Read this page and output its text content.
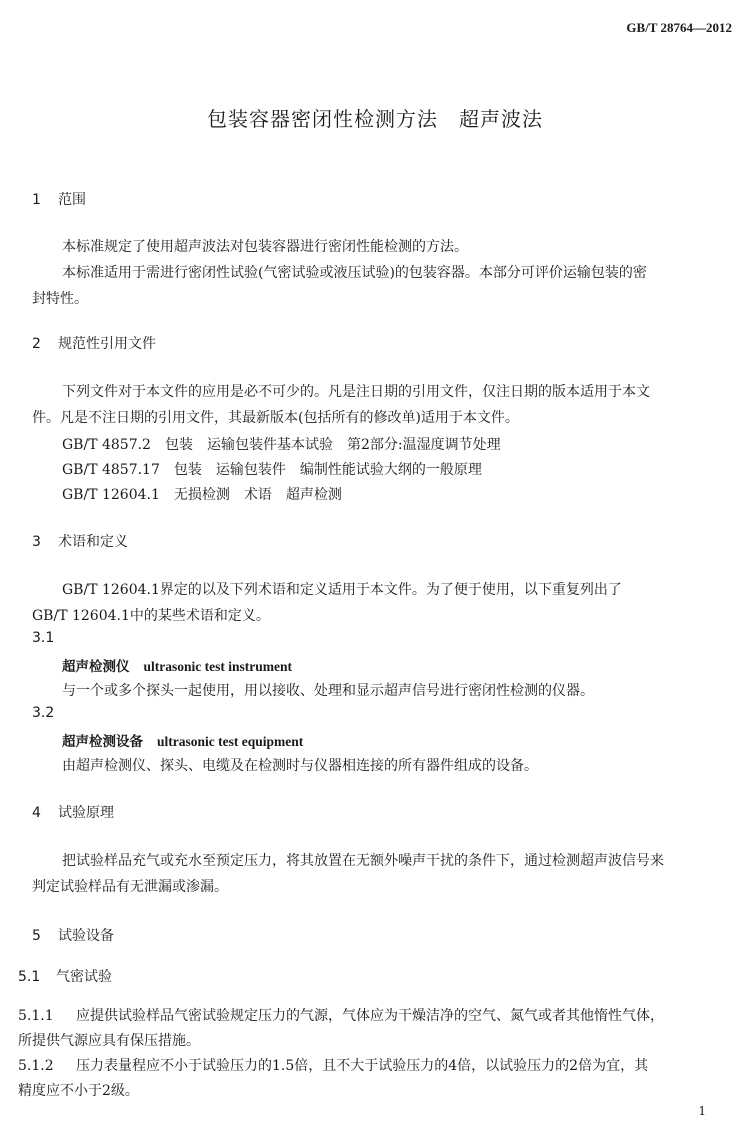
GB/T 28764—2012
包装容器密闭性检测方法　超声波法
1 范围
本标准规定了使用超声波法对包装容器进行密闭性能检测的方法。
本标准适用于需进行密闭性试验(气密试验或液压试验)的包装容器。本部分可评价运输包装的密
封特性。
2 规范性引用文件
下列文件对于本文件的应用是必不可少的。凡是注日期的引用文件，仅注日期的版本适用于本文
件。凡是不注日期的引用文件，其最新版本(包括所有的修改单)适用于本文件。
GB/T 4857.2　包装　运输包装件基本试验　第2部分:温湿度调节处理
GB/T 4857.17　包装　运输包装件　编制性能试验大纲的一般原理
GB/T 12604.1　无损检测　术语　超声检测
3 术语和定义
GB/T 12604.1界定的以及下列术语和定义适用于本文件。为了便于使用，以下重复列出了
GB/T 12604.1中的某些术语和定义。
3.1
超声检测仪 ultrasonic test instrument
与一个或多个探头一起使用，用以接收、处理和显示超声信号进行密闭性检测的仪器。
3.2
超声检测设备 ultrasonic test equipment
由超声检测仪、探头、电缆及在检测时与仪器相连接的所有器件组成的设备。
4 试验原理
把试验样品充气或充水至预定压力，将其放置在无额外噪声干扰的条件下，通过检测超声波信号来
判定试验样品有无泄漏或渗漏。
5 试验设备
5.1 气密试验
5.1.1 应提供试验样品气密试验规定压力的气源，气体应为干燥洁净的空气、氮气或者其他惰性气体，
所提供气源应具有保压措施。
5.1.2 压力表量程应不小于试验压力的1.5倍，且不大于试验压力的4倍，以试验压力的2倍为宜，其
精度应不小于2级。
1
